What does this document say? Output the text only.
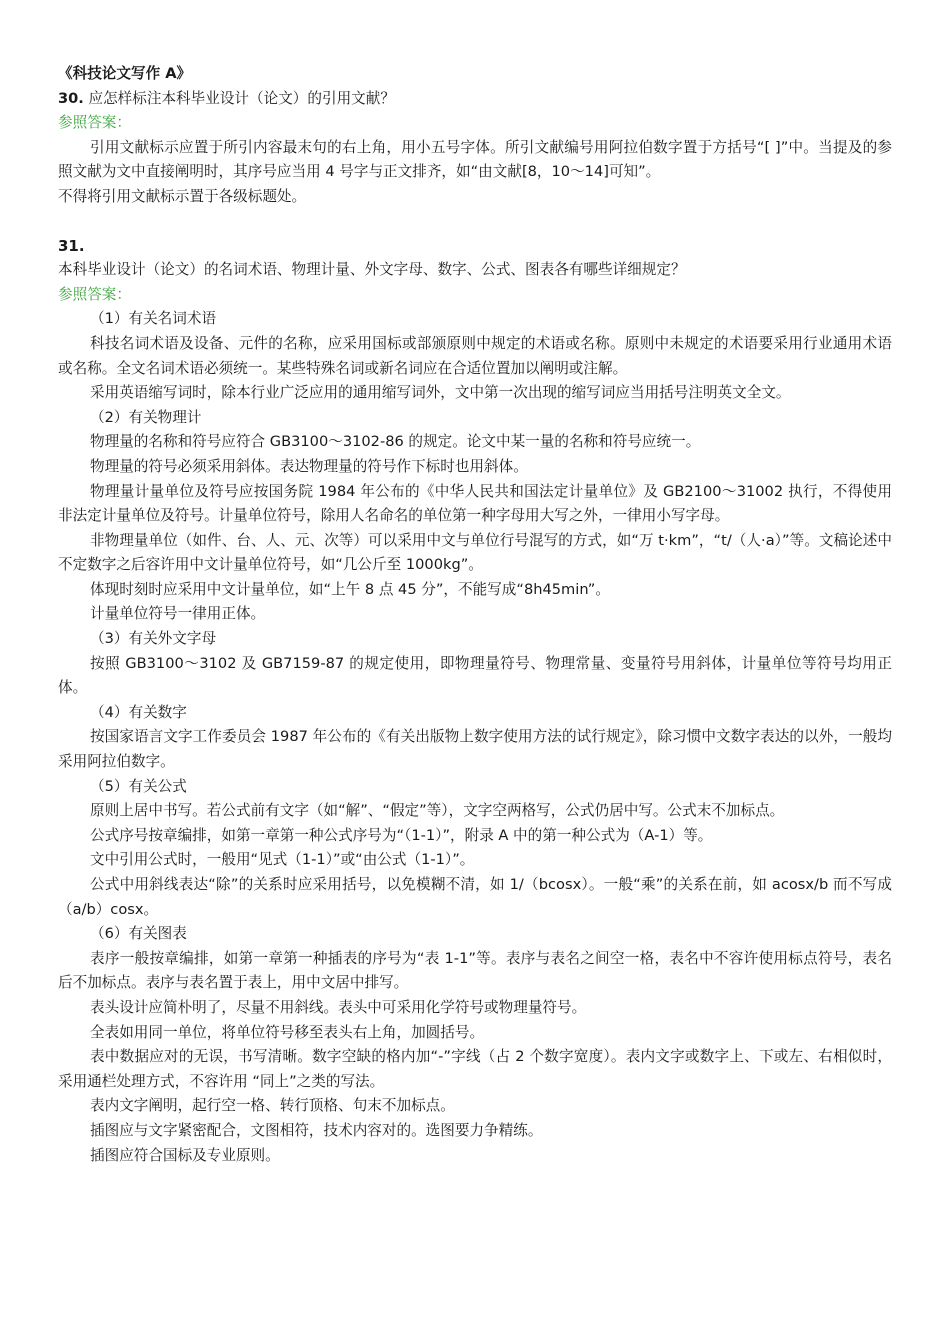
《科技论文写作 A》

30. 应怎样标注本科毕业设计（论文）的引用文献？

参照答案：

引用文献标示应置于所引内容最末句的右上角，用小五号字体。所引文献编号用阿拉伯数字置于方括号“[ ]”中。当提及的参照文献为文中直接阐明时，其序号应当用 4 号字与正文排齐，如“由文献[8，10～14]可知”。

不得将引用文献标示置于各级标题处。

31.

本科毕业设计（论文）的名词术语、物理计量、外文字母、数字、公式、图表各有哪些详细规定？

参照答案：

（1）有关名词术语

科技名词术语及设备、元件的名称，应采用国标或部颁原则中规定的术语或名称。原则中未规定的术语要采用行业通用术语或名称。全文名词术语必须统一。某些特殊名词或新名词应在合适位置加以阐明或注解。

采用英语缩写词时，除本行业广泛应用的通用缩写词外，文中第一次出现的缩写词应当用括号注明英文全文。

（2）有关物理计

物理量的名称和符号应符合 GB3100～3102-86 的规定。论文中某一量的名称和符号应统一。

物理量的符号必须采用斜体。表达物理量的符号作下标时也用斜体。

物理量计量单位及符号应按国务院 1984 年公布的《中华人民共和国法定计量单位》及 GB2100～31002 执行，不得使用非法定计量单位及符号。计量单位符号，除用人名命名的单位第一种字母用大写之外，一律用小写字母。

非物理量单位（如件、台、人、元、次等）可以采用中文与单位行号混写的方式，如“万 t·km”，“t/（人·a）”等。文稿论述中不定数字之后容许用中文计量单位符号，如“几公斤至 1000kg”。

体现时刻时应采用中文计量单位，如“上午 8 点 45 分”，不能写成“8h45min”。

计量单位符号一律用正体。

（3）有关外文字母

按照 GB3100～3102 及 GB7159-87 的规定使用，即物理量符号、物理常量、变量符号用斜体，计量单位等符号均用正体。

（4）有关数字

按国家语言文字工作委员会 1987 年公布的《有关出版物上数字使用方法的试行规定》，除习惯中文数字表达的以外，一般均采用阿拉伯数字。

（5）有关公式

原则上居中书写。若公式前有文字（如“解”、“假定”等），文字空两格写，公式仍居中写。公式末不加标点。

公式序号按章编排，如第一章第一种公式序号为“（1-1）”，附录 A 中的第一种公式为（A-1）等。

文中引用公式时，一般用“见式（1-1）”或“由公式（1-1）”。

公式中用斜线表达“除”的关系时应采用括号，以免模糊不清，如 1/（bcosx）。一般“乘”的关系在前，如 acosx/b 而不写成（a/b）cosx。

（6）有关图表

表序一般按章编排，如第一章第一种插表的序号为“表 1-1”等。表序与表名之间空一格，表名中不容许使用标点符号，表名后不加标点。表序与表名置于表上，用中文居中排写。

表头设计应简朴明了，尽量不用斜线。表头中可采用化学符号或物理量符号。

全表如用同一单位，将单位符号移至表头右上角，加圆括号。

表中数据应对的无误，书写清晰。数字空缺的格内加“-”字线（占 2 个数字宽度）。表内文字或数字上、下或左、右相似时，采用通栏处理方式，不容许用 “同上”之类的写法。

表内文字阐明，起行空一格、转行顶格、句末不加标点。

插图应与文字紧密配合，文图相符，技术内容对的。选图要力争精练。

插图应符合国标及专业原则。
